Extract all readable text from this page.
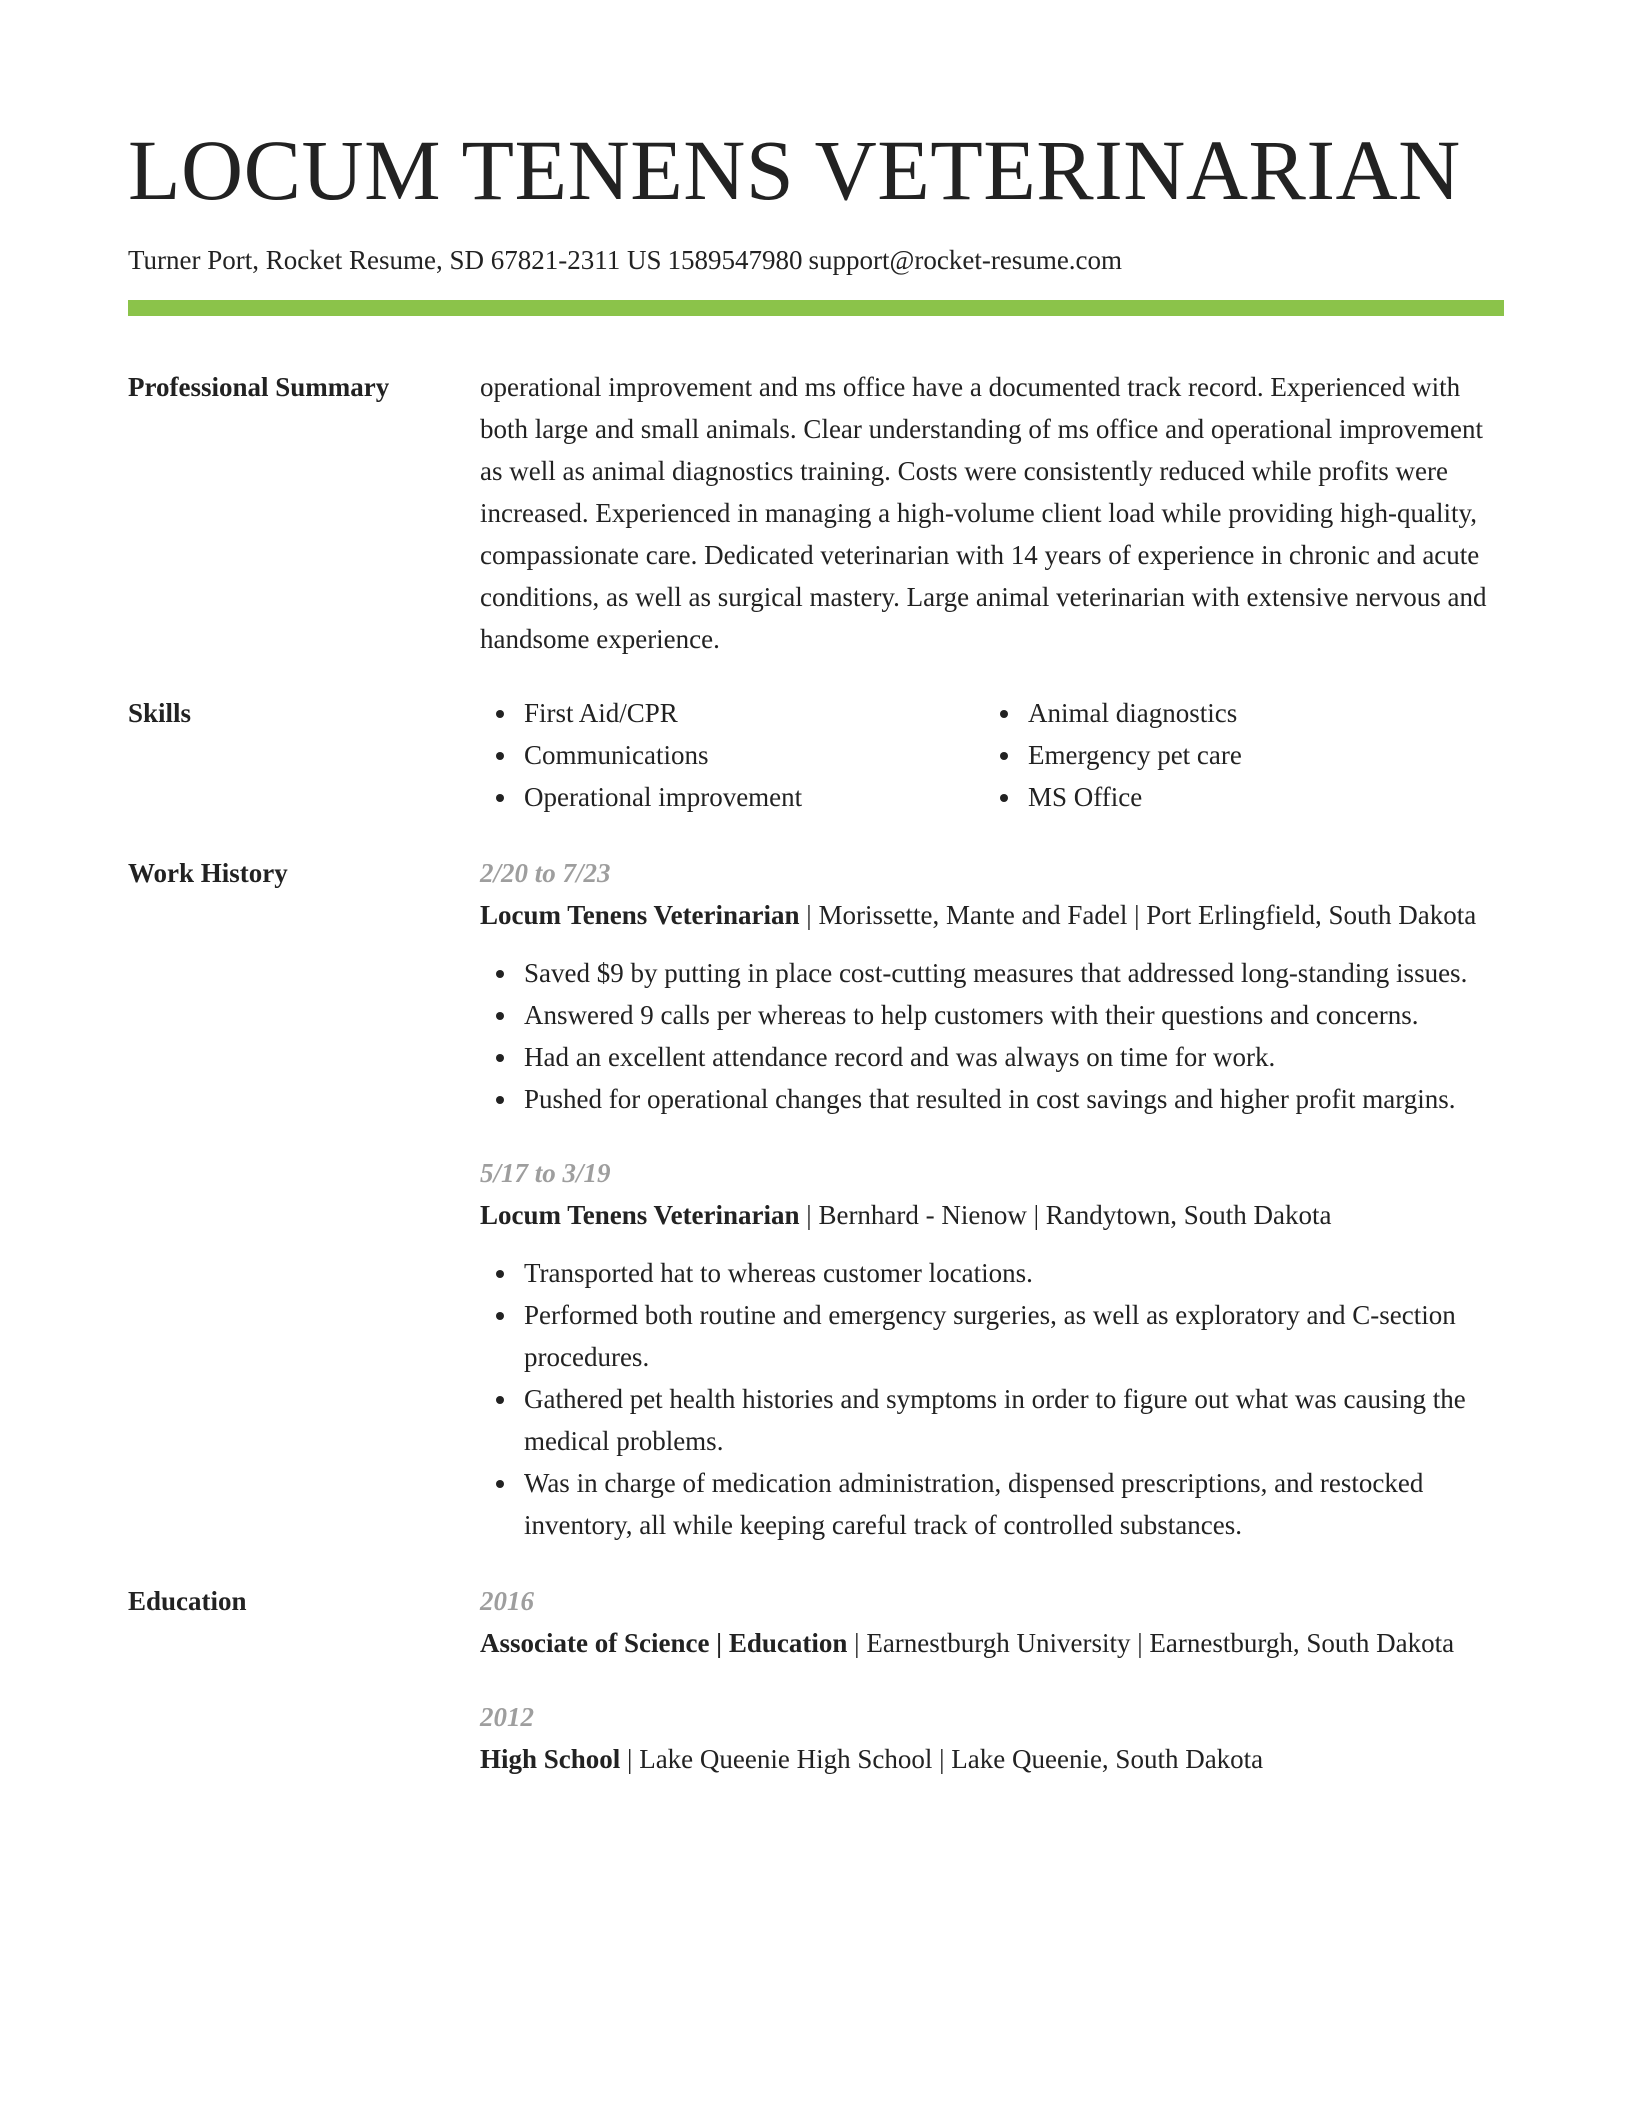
LOCUM TENENS VETERINARIAN
Turner Port, Rocket Resume, SD 67821-2311 US 1589547980 support@rocket-resume.com
Professional Summary	operational improvement and ms office have a documented track record. Experienced with both large and small animals. Clear understanding of ms office and operational improvement as well as animal diagnostics training. Costs were consistently reduced while profits were increased. Experienced in managing a high-volume client load while providing high-quality, compassionate care. Dedicated veterinarian with 14 years of experience in chronic and acute conditions, as well as surgical mastery. Large animal veterinarian with extensive nervous and handsome experience.

Skills	First Aid/CPR	Animal diagnostics
Communications	Emergency pet care
Operational improvement	MS Office
Work History	2/20 to 7/23
Locum Tenens Veterinarian | Morissette, Mante and Fadel | Port Erlingfield, South Dakota
Saved $9 by putting in place cost-cutting measures that addressed long-standing issues.
Answered 9 calls per whereas to help customers with their questions and concerns.
Had an excellent attendance record and was always on time for work.
Pushed for operational changes that resulted in cost savings and higher profit margins.
5/17 to 3/19
Locum Tenens Veterinarian | Bernhard - Nienow | Randytown, South Dakota
Transported hat to whereas customer locations.
Performed both routine and emergency surgeries, as well as exploratory and C-section procedures.
Gathered pet health histories and symptoms in order to figure out what was causing the medical problems.
Was in charge of medication administration, dispensed prescriptions, and restocked inventory, all while keeping careful track of controlled substances.
Education	2016
Associate of Science | Education | Earnestburgh University | Earnestburgh, South Dakota
2012
High School | Lake Queenie High School | Lake Queenie, South Dakota
